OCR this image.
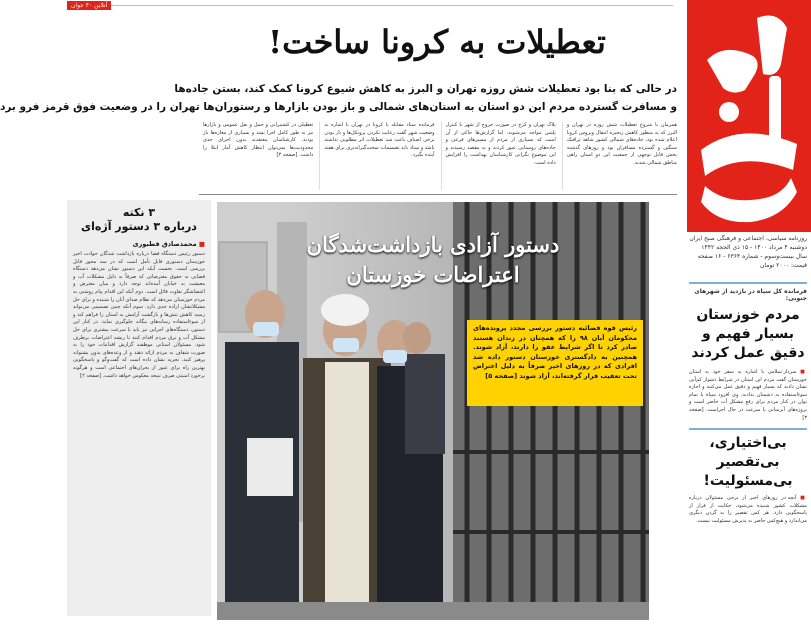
آنلاین ۴۰ جوان
روزنامه سیاسی، اجتماعی و فرهنگی صبح ایران
دوشنبه ۴ مرداد ۱۴۰۰ - ۱۵ ذی الحجه ۱۴۴۲
سال بیست‌وسوم - شماره ۶۳۶۴ - ۱۶ صفحه
قیمت: ۲۰۰۰ تومان
تعطیلات به کرونا ساخت!
در حالی که بنا بود تعطیلات شش روزه تهران و البرز به کاهش شیوع کرونا کمک کند، بستن جاده‌ها
و مسافرت گسترده مردم این دو استان به استان‌های شمالی و باز بودن بازارها و رستوران‌ها تهران را در وضعیت فوق قرمز فرو برد
همزمان با شروع تعطیلات شش روزه در تهران و البرز که به منظور کاهش زنجیره انتقال ویروس کرونا اعلام شده بود، جاده‌های شمالی کشور شاهد ترافیک سنگین و گسترده مسافران بود و روزهای گذشته بخش قابل توجهی از جمعیت این دو استان راهی مناطق شمالی شدند.
پلاک تهران و کرج در صورت خروج از شهر با کنترل پلیس مواجه می‌شوند. اما گزارش‌ها حاکی از آن است که بسیاری از مردم از مسیرهای فرعی و جاده‌های روستایی عبور کردند و به مقصد رسیدند و این موضوع نگرانی کارشناسان بهداشت را افزایش داده است.
فرمانده ستاد مقابله با کرونا در تهران با اشاره به وضعیت شهر گفت رعایت نکردن پروتکل‌ها و باز بودن برخی اصناف باعث شد تعطیلات اثر مطلوبی نداشته باشد و ستاد باید تصمیمات سخت‌گیرانه‌تری برای هفته آینده بگیرد.
تعطیلی در کشتیرانی و حمل و نقل عمومی و بازارها نیز به طور کامل اجرا نشد و بسیاری از مغازه‌ها باز بودند. کارشناسان معتقدند بدون اجرای جدی محدودیت‌ها نمی‌توان انتظار کاهش آمار ابتلا را داشت. [صفحه ۳]
۳ نکته
درباره ۳ دستور آژه‌ای
■ محمدصادق قطبوری
دستور رئیس دستگاه قضا درباره بازداشت شدگان حوادث اخیر خوزستان دستوری قابل تأمل است که در سه محور قابل بررسی است. نخست آنکه این دستور نشان می‌دهد دستگاه قضایی به حقوق معترضانی که صرفاً به دلیل مشکلات آب و معیشت به خیابان آمده‌اند توجه دارد و میان معترض و اغتشاشگر تفاوت قائل است. دوم آنکه این اقدام پیام روشنی به مردم خوزستان می‌دهد که نظام صدای آنان را شنیده و برای حل مشکلاتشان اراده جدی دارد. سوم آنکه چنین تصمیمی می‌تواند زمینه کاهش تنش‌ها و بازگشت آرامش به استان را فراهم کند و از سوءاستفاده رسانه‌های بیگانه جلوگیری نماید. در کنار این دستور، دستگاه‌های اجرایی نیز باید با سرعت بیشتری برای حل مشکل آب و برق مردم اقدام کنند تا ریشه اعتراضات برطرف شود. مسئولان استانی موظفند گزارش اقدامات خود را به صورت شفاف به مردم ارائه دهند و از وعده‌های بدون پشتوانه پرهیز کنند. تجربه نشان داده است که گفت‌وگو و پاسخگویی بهترین راه برای عبور از بحران‌های اجتماعی است و هرگونه برخورد امنیتی صرف نتیجه معکوس خواهد داشت. [صفحه ۲]
دستور آزادی بازداشت‌شدگان
اعتراضات خوزستان
رئیس قوه قضائیه دستور بررسی مجدد پرونده‌های محکومان آبان ۹۸ را که همچنان در زندان هستند صادر کرد تا اگر شرایط عفو را دارند، آزاد شوند. همچنین به دادگستری خوزستان دستور داده شد افرادی که در روزهای اخیر صرفاً به دلیل اعتراض تحت تعقیب قرار گرفته‌اند، آزاد شوند [صفحه ۵]
فرمانده کل سپاه در بازدید از شهرهای جنوبی:
مردم خوزستان بسیار فهیم و دقیق عمل کردند
■ سردار سلامی با اشاره به سفر خود به استان خوزستان گفت مردم این استان در شرایط دشوار کم‌آبی نشان دادند که بسیار فهیم و دقیق عمل می‌کنند و اجازه سوءاستفاده به دشمنان ندادند. وی افزود سپاه با تمام توان در کنار مردم برای رفع مشکل آب حاضر است و پروژه‌های آبرسانی با سرعت در حال اجراست. [صفحه ۳]
بی‌اختیاری، بی‌تقصیر بی‌مسئولیت!
■ آنچه در روزهای اخیر از برخی مسئولان درباره مشکلات کشور شنیده می‌شود، حکایت از فرار از پاسخگویی دارد. هر کس تقصیر را به گردن دیگری می‌اندازد و هیچ‌کس حاضر به پذیرش مسئولیت نیست.
